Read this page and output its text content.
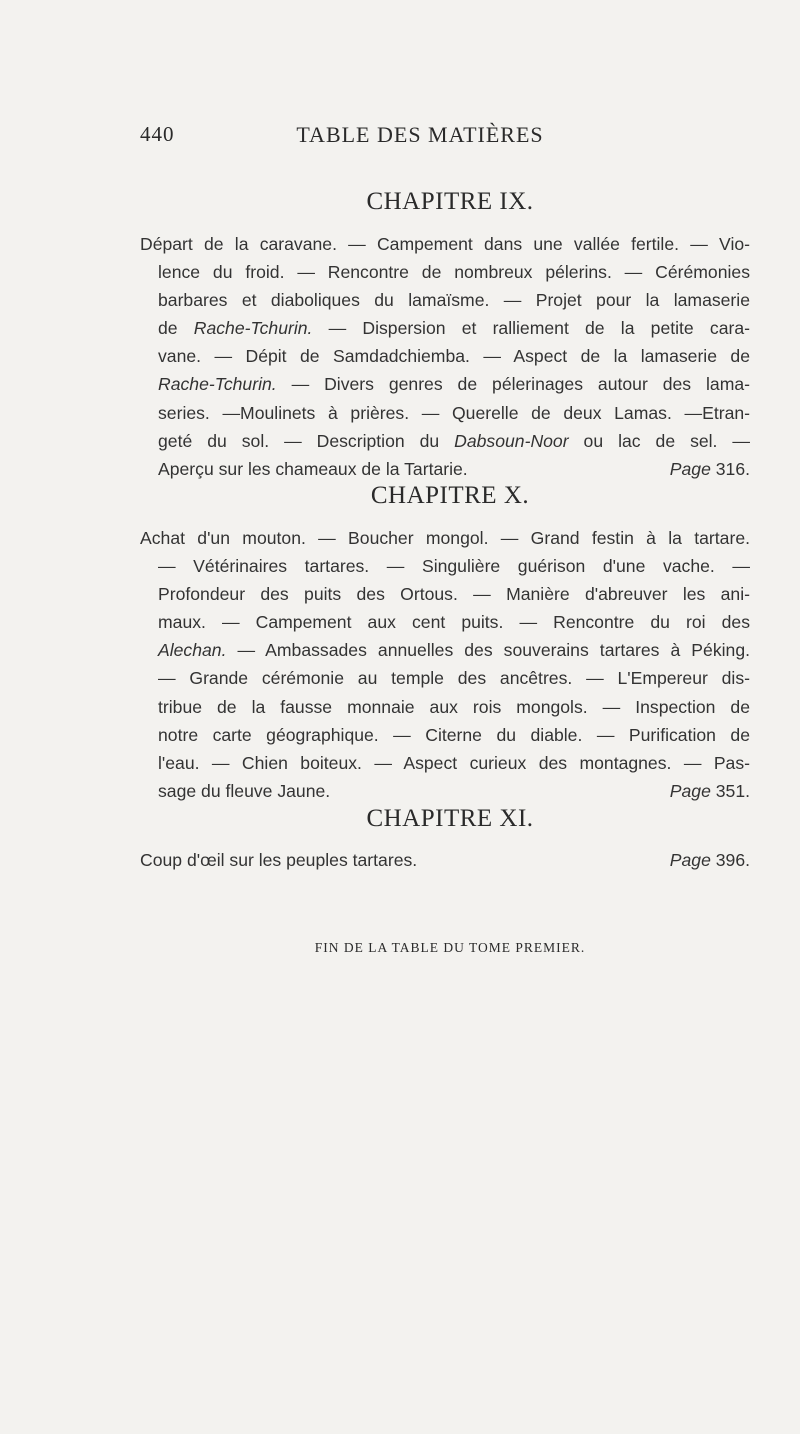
440	TABLE DES MATIÈRES
CHAPITRE IX.
Départ de la caravane. — Campement dans une vallée fertile. — Vio-
lence du froid. — Rencontre de nombreux pélerins. — Cérémonies
barbares et diaboliques du lamaïsme. — Projet pour la lamaserie
de Rache-Tchurin. — Dispersion et ralliement de la petite cara-
vane. — Dépit de Samdadchiemba. — Aspect de la lamaserie de
Rache-Tchurin. — Divers genres de pélerinages autour des lama-
series. —Moulinets à prières. — Querelle de deux Lamas. —Etran-
geté du sol. — Description du Dabsoun-Noor ou lac de sel. —
Aperçu sur les chameaux de la Tartarie.	Page 316.
CHAPITRE X.
Achat d'un mouton. — Boucher mongol. — Grand festin à la tartare.
— Vétérinaires tartares. — Singulière guérison d'une vache. —
Profondeur des puits des Ortous. — Manière d'abreuver les ani-
maux. — Campement aux cent puits. — Rencontre du roi des
Alechan. — Ambassades annuelles des souverains tartares à Péking.
— Grande cérémonie au temple des ancêtres. — L'Empereur dis-
tribue de la fausse monnaie aux rois mongols. — Inspection de
notre carte géographique. — Citerne du diable. — Purification de
l'eau. — Chien boiteux. — Aspect curieux des montagnes. — Pas-
sage du fleuve Jaune.	Page 351.
CHAPITRE XI.
Coup d'œil sur les peuples tartares.	Page 396.
FIN DE LA TABLE DU TOME PREMIER.
